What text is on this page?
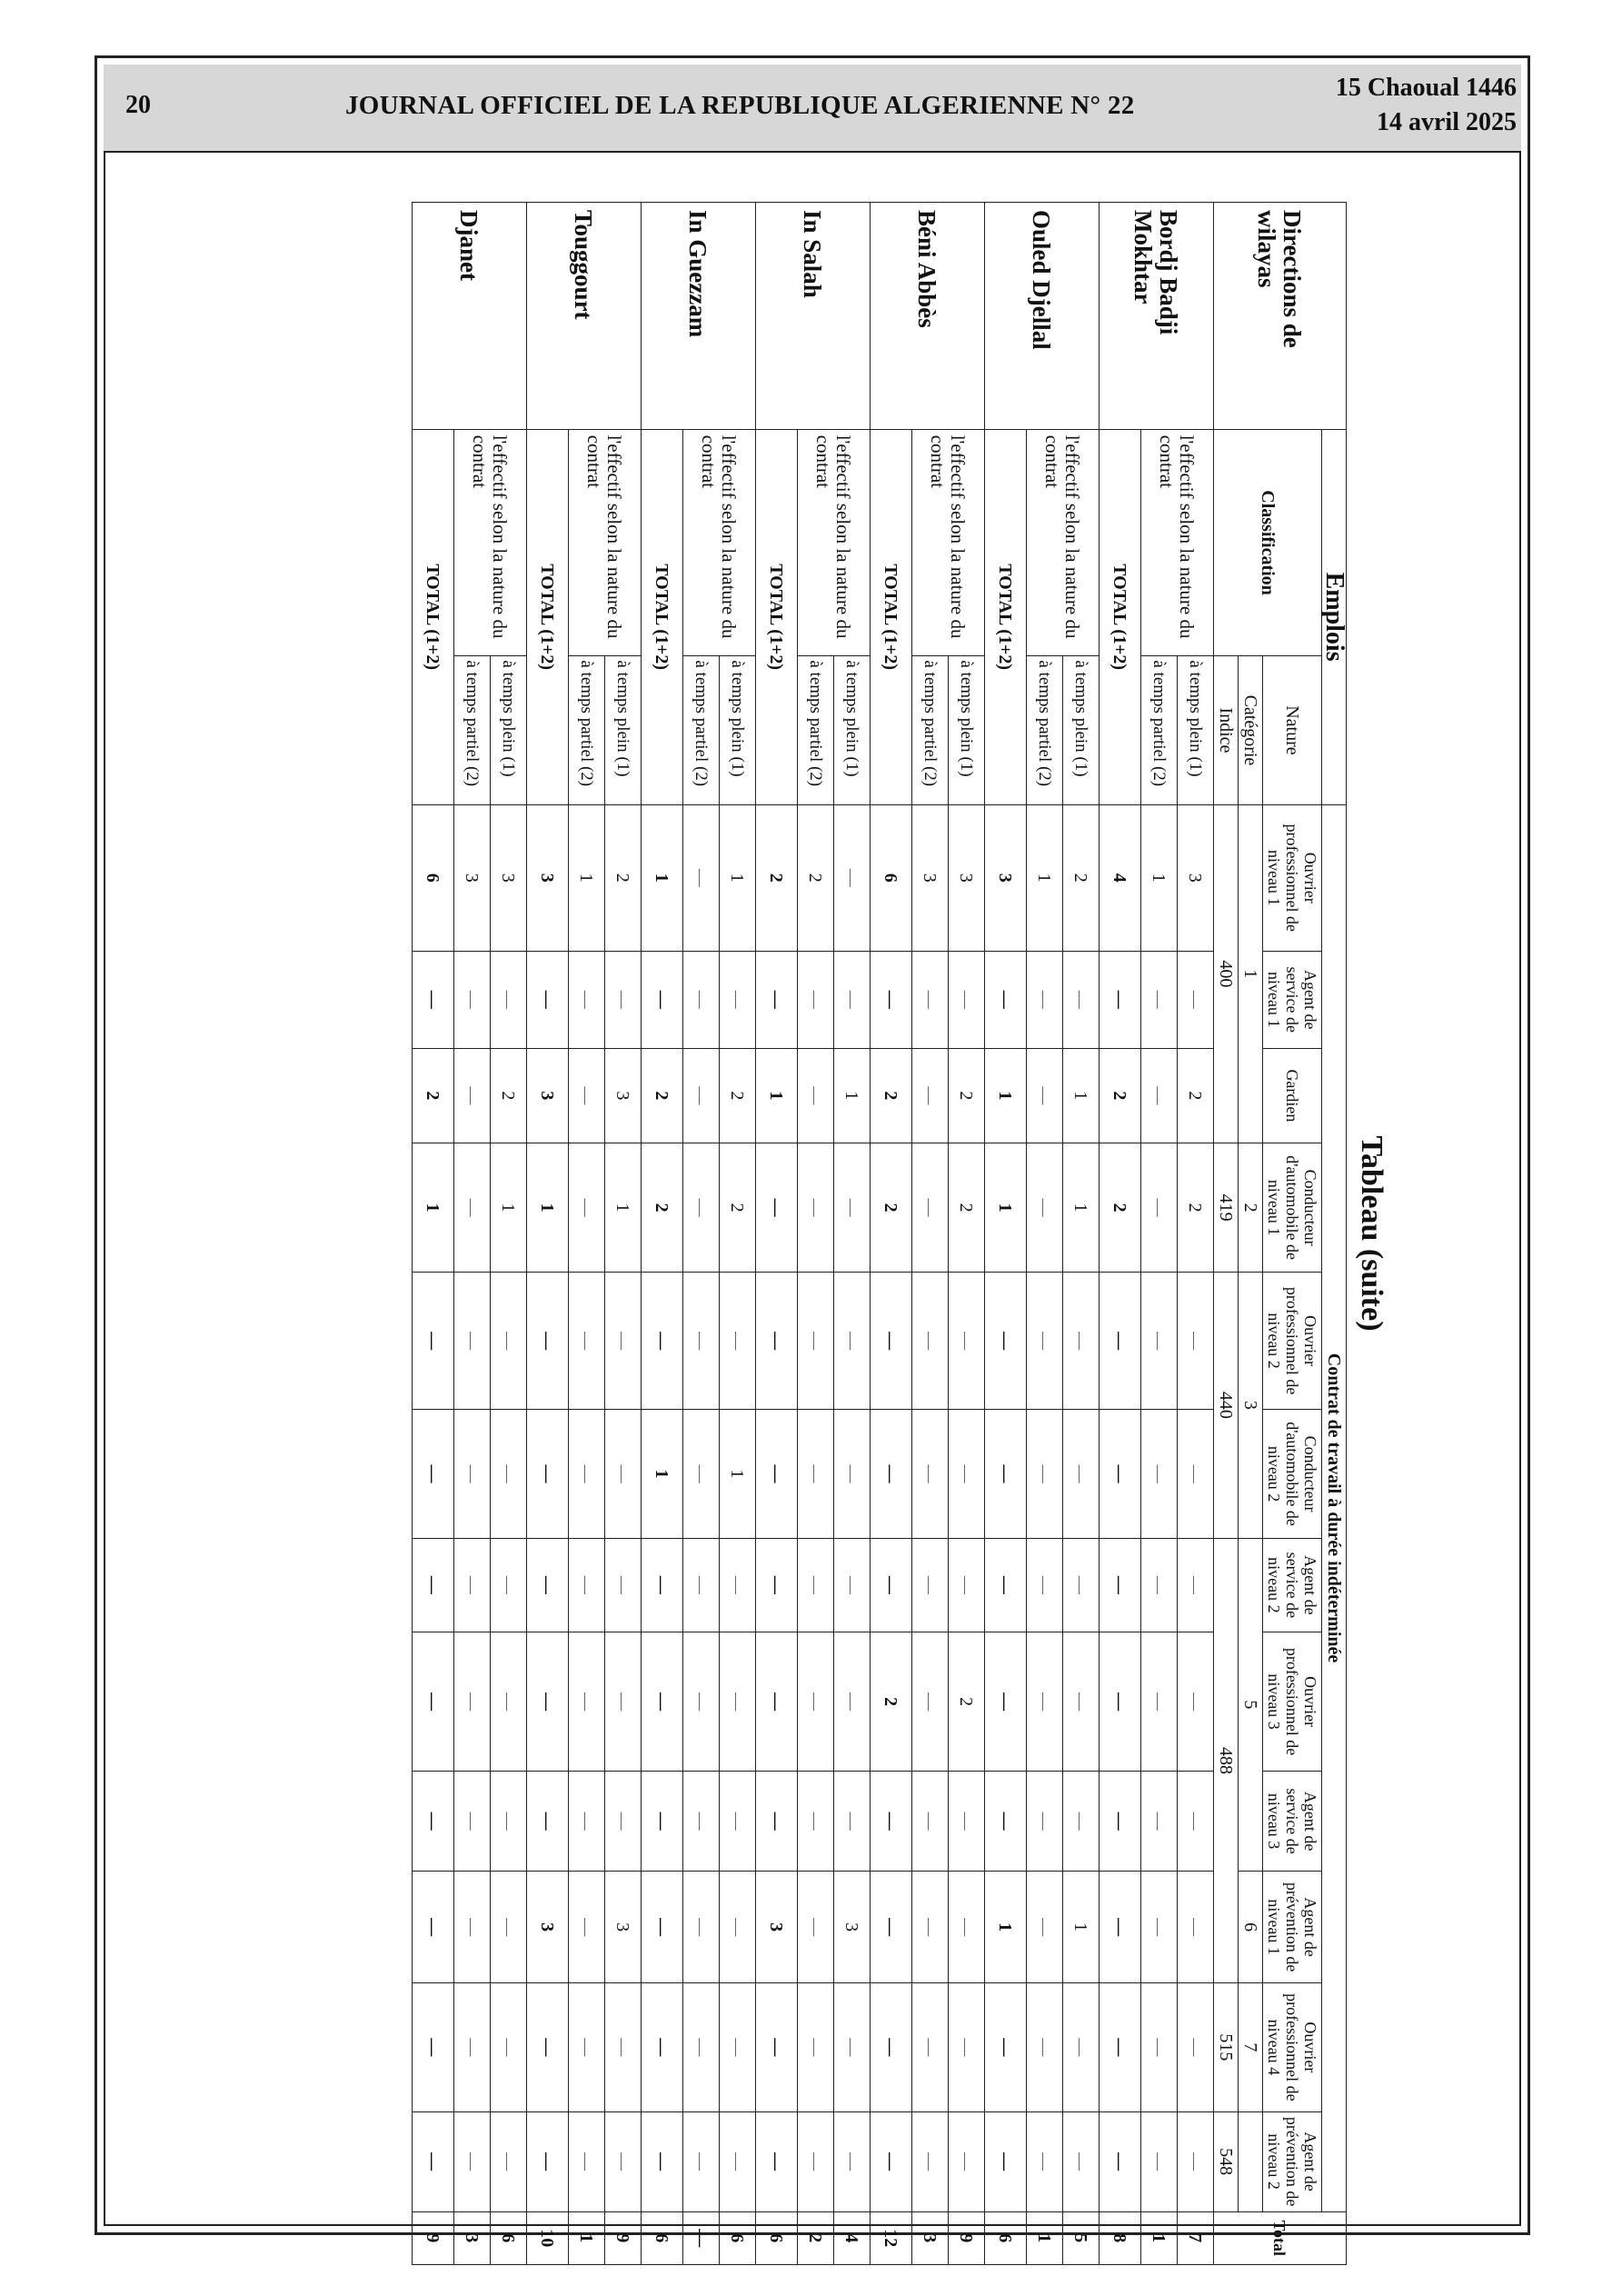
20	JOURNAL OFFICIEL DE LA REPUBLIQUE ALGERIENNE N° 22
15 Chaoual 1446
14 avril 2025
Tableau (suite)
Directions de wilayas	Emplois		Contrat de travail à durée indéterminée												Total
	Classification	Nature	Ouvrier professionnel de niveau 1	Agent de service de niveau 1	Gardien	Conducteur d'automobile de niveau 1	Ouvrier professionnel de niveau 2	Conducteur d'automobile de niveau 2	Agent de service de niveau 2	Ouvrier professionnel de niveau 3	Agent de service de niveau 3	Agent de prévention de niveau 1	Ouvrier professionnel de niveau 4	Agent de prévention de niveau 2	
		Catégorie	1			2	3		5			6	7		

		Indice	400			419	440		488				515	548	
Bordj Badji Mokhtar	l'effectif selon la nature du contrat	à temps plein (1)	3	—	2	2	—	—	—	—	—	—	—	—	7
		à temps partiel (2)	1	—	—	—	—	—	—	—	—	—	—	—	1
	TOTAL (1+2)		4	—	2	2	—	—	—	—	—	—	—	—	8
Ouled Djellal	l'effectif selon la nature du contrat	à temps plein (1)	2	—	1	1	—	—	—	—	—	1	—	—	5
		à temps partiel (2)	1	—	—	—	—	—	—	—	—	—	—	—	1
	TOTAL (1+2)		3	—	1	1	—	—	—	—	—	1	—	—	6
Béni Abbès	l'effectif selon la nature du contrat	à temps plein (1)	3	—	2	2	—	—	—	2	—	—	—	—	9
		à temps partiel (2)	3	—	—	—	—	—	—	—	—	—	—	—	3
	TOTAL (1+2)		6	—	2	2	—	—	—	2	—	—	—	—	12
In Salah	l'effectif selon la nature du contrat	à temps plein (1)	—	—	1	—	—	—	—	—	—	3	—	—	4
		à temps partiel (2)	2	—	—	—	—	—	—	—	—	—	—	—	2
	TOTAL (1+2)		2	—	1	—	—	—	—	—	—	3	—	—	6
In Guezzam	l'effectif selon la nature du contrat	à temps plein (1)	1	—	2	2	—	1	—	—	—	—	—	—	6
		à temps partiel (2)	—	—	—	—	—	—	—	—	—	—	—	—	—
	TOTAL (1+2)		1	—	2	2	—	1	—	—	—	—	—	—	6
Touggourt	l'effectif selon la nature du contrat	à temps plein (1)	2	—	3	1	—	—	—	—	—	3	—	—	9
		à temps partiel (2)	1	—	—	—	—	—	—	—	—	—	—	—	1
	TOTAL (1+2)		3	—	3	1	—	—	—	—	—	3	—	—	10
Djanet	l'effectif selon la nature du contrat	à temps plein (1)	3	—	2	1	—	—	—	—	—	—	—	—	6
		à temps partiel (2)	3	—	—	—	—	—	—	—	—	—	—	—	3
	TOTAL (1+2)		6	—	2	1	—	—	—	—	—	—	—	—	9
